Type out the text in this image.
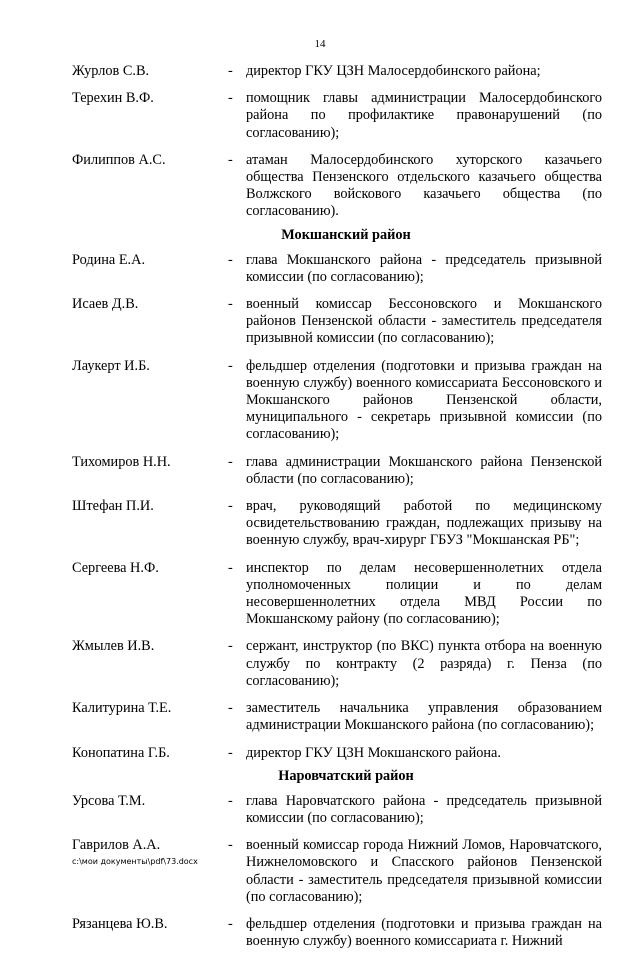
14
Журлов С.В.	- директор ГКУ ЦЗН Малосердобинского района;
Терехин В.Ф.	- помощник главы администрации Малосердобинского района по профилактике правонарушений (по согласованию);
Филиппов А.С.	- атаман Малосердобинского хуторского казачьего общества Пензенского отдельского казачьего общества Волжского войскового казачьего общества (по согласованию).
Мокшанский район
Родина Е.А.	- глава Мокшанского района - председатель призывной комиссии (по согласованию);
Исаев Д.В.	- военный комиссар Бессоновского и Мокшанского районов Пензенской области - заместитель председателя призывной комиссии (по согласованию);
Лаукерт И.Б.	- фельдшер отделения (подготовки и призыва граждан на военную службу) военного комиссариата Бессоновского и Мокшанского районов Пензенской области, муниципального - секретарь призывной комиссии (по согласованию);
Тихомиров Н.Н.	- глава администрации Мокшанского района Пензенской области (по согласованию);
Штефан П.И.	- врач, руководящий работой по медицинскому освидетельствованию граждан, подлежащих призыву на военную службу, врач-хирург ГБУЗ "Мокшанская РБ";
Сергеева Н.Ф.	- инспектор по делам несовершеннолетних отдела уполномоченных полиции и по делам несовершеннолетних отдела МВД России по Мокшанскому району (по согласованию);
Жмылев И.В.	- сержант, инструктор (по ВКС) пункта отбора на военную службу по контракту (2 разряда) г. Пенза (по согласованию);
Калитурина Т.Е.	- заместитель начальника управления образованием администрации Мокшанского района (по согласованию);
Конопатина Г.Б.	- директор ГКУ ЦЗН Мокшанского района.
Наровчатский район
Урсова Т.М.	- глава Наровчатского района - председатель призывной комиссии (по согласованию);
Гаврилов А.А.	- военный комиссар города Нижний Ломов, Наровчатского, Нижнеломовского и Спасского районов Пензенской области - заместитель председателя призывной комиссии (по согласованию);
Рязанцева Ю.В.	- фельдшер отделения (подготовки и призыва граждан на военную службу) военного комиссариата г. Нижний
c:\мои документы\pdf\73.docx
